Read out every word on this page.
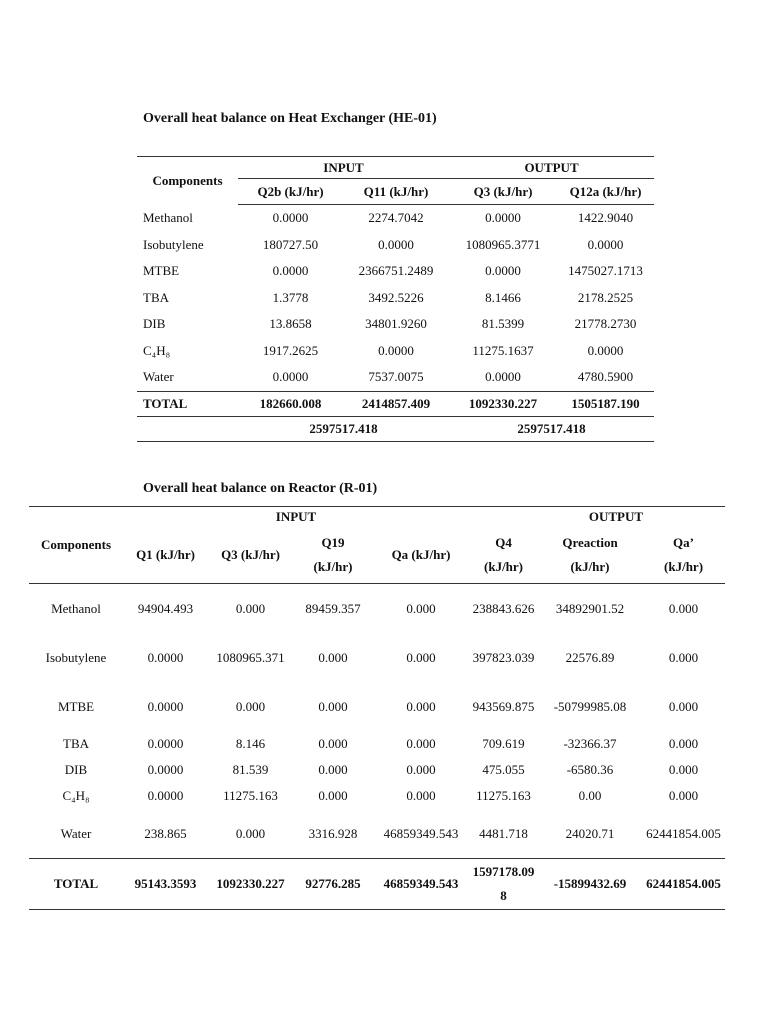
Overall heat balance on Heat Exchanger (HE-01)
Components	INPUT		OUTPUT	
	Q2b (kJ/hr)	Q11 (kJ/hr)	Q3 (kJ/hr)	Q12a (kJ/hr)
Methanol	0.0000	2274.7042	0.0000	1422.9040
Isobutylene	180727.50	0.0000	1080965.3771	0.0000
MTBE	0.0000	2366751.2489	0.0000	1475027.1713
TBA	1.3778	3492.5226	8.1466	2178.2525
DIB	13.8658	34801.9260	81.5399	21778.2730
C₄H₈	1917.2625	0.0000	11275.1637	0.0000
Water	0.0000	7537.0075	0.0000	4780.5900
TOTAL	182660.008	2414857.409	1092330.227	1505187.190
	2597517.418		2597517.418	
Overall heat balance on Reactor (R-01)
Components	INPUT				OUTPUT		
	Q1 (kJ/hr)	Q3 (kJ/hr)	Q19 (kJ/hr)	Qa (kJ/hr)	Q4 (kJ/hr)	Qreaction (kJ/hr)	Qa’ (kJ/hr)
Methanol	94904.493	0.000	89459.357	0.000	238843.626	34892901.52	0.000
Isobutylene	0.0000	1080965.371	0.000	0.000	397823.039	22576.89	0.000
MTBE	0.0000	0.000	0.000	0.000	943569.875	-50799985.08	0.000
TBA	0.0000	8.146	0.000	0.000	709.619	-32366.37	0.000
DIB	0.0000	81.539	0.000	0.000	475.055	-6580.36	0.000
C₄H₈	0.0000	11275.163	0.000	0.000	11275.163	0.00	0.000
Water	238.865	0.000	3316.928	46859349.543	4481.718	24020.71	62441854.005
TOTAL	95143.3593	1092330.227	92776.285	46859349.543	1597178.098	-15899432.69	62441854.005
